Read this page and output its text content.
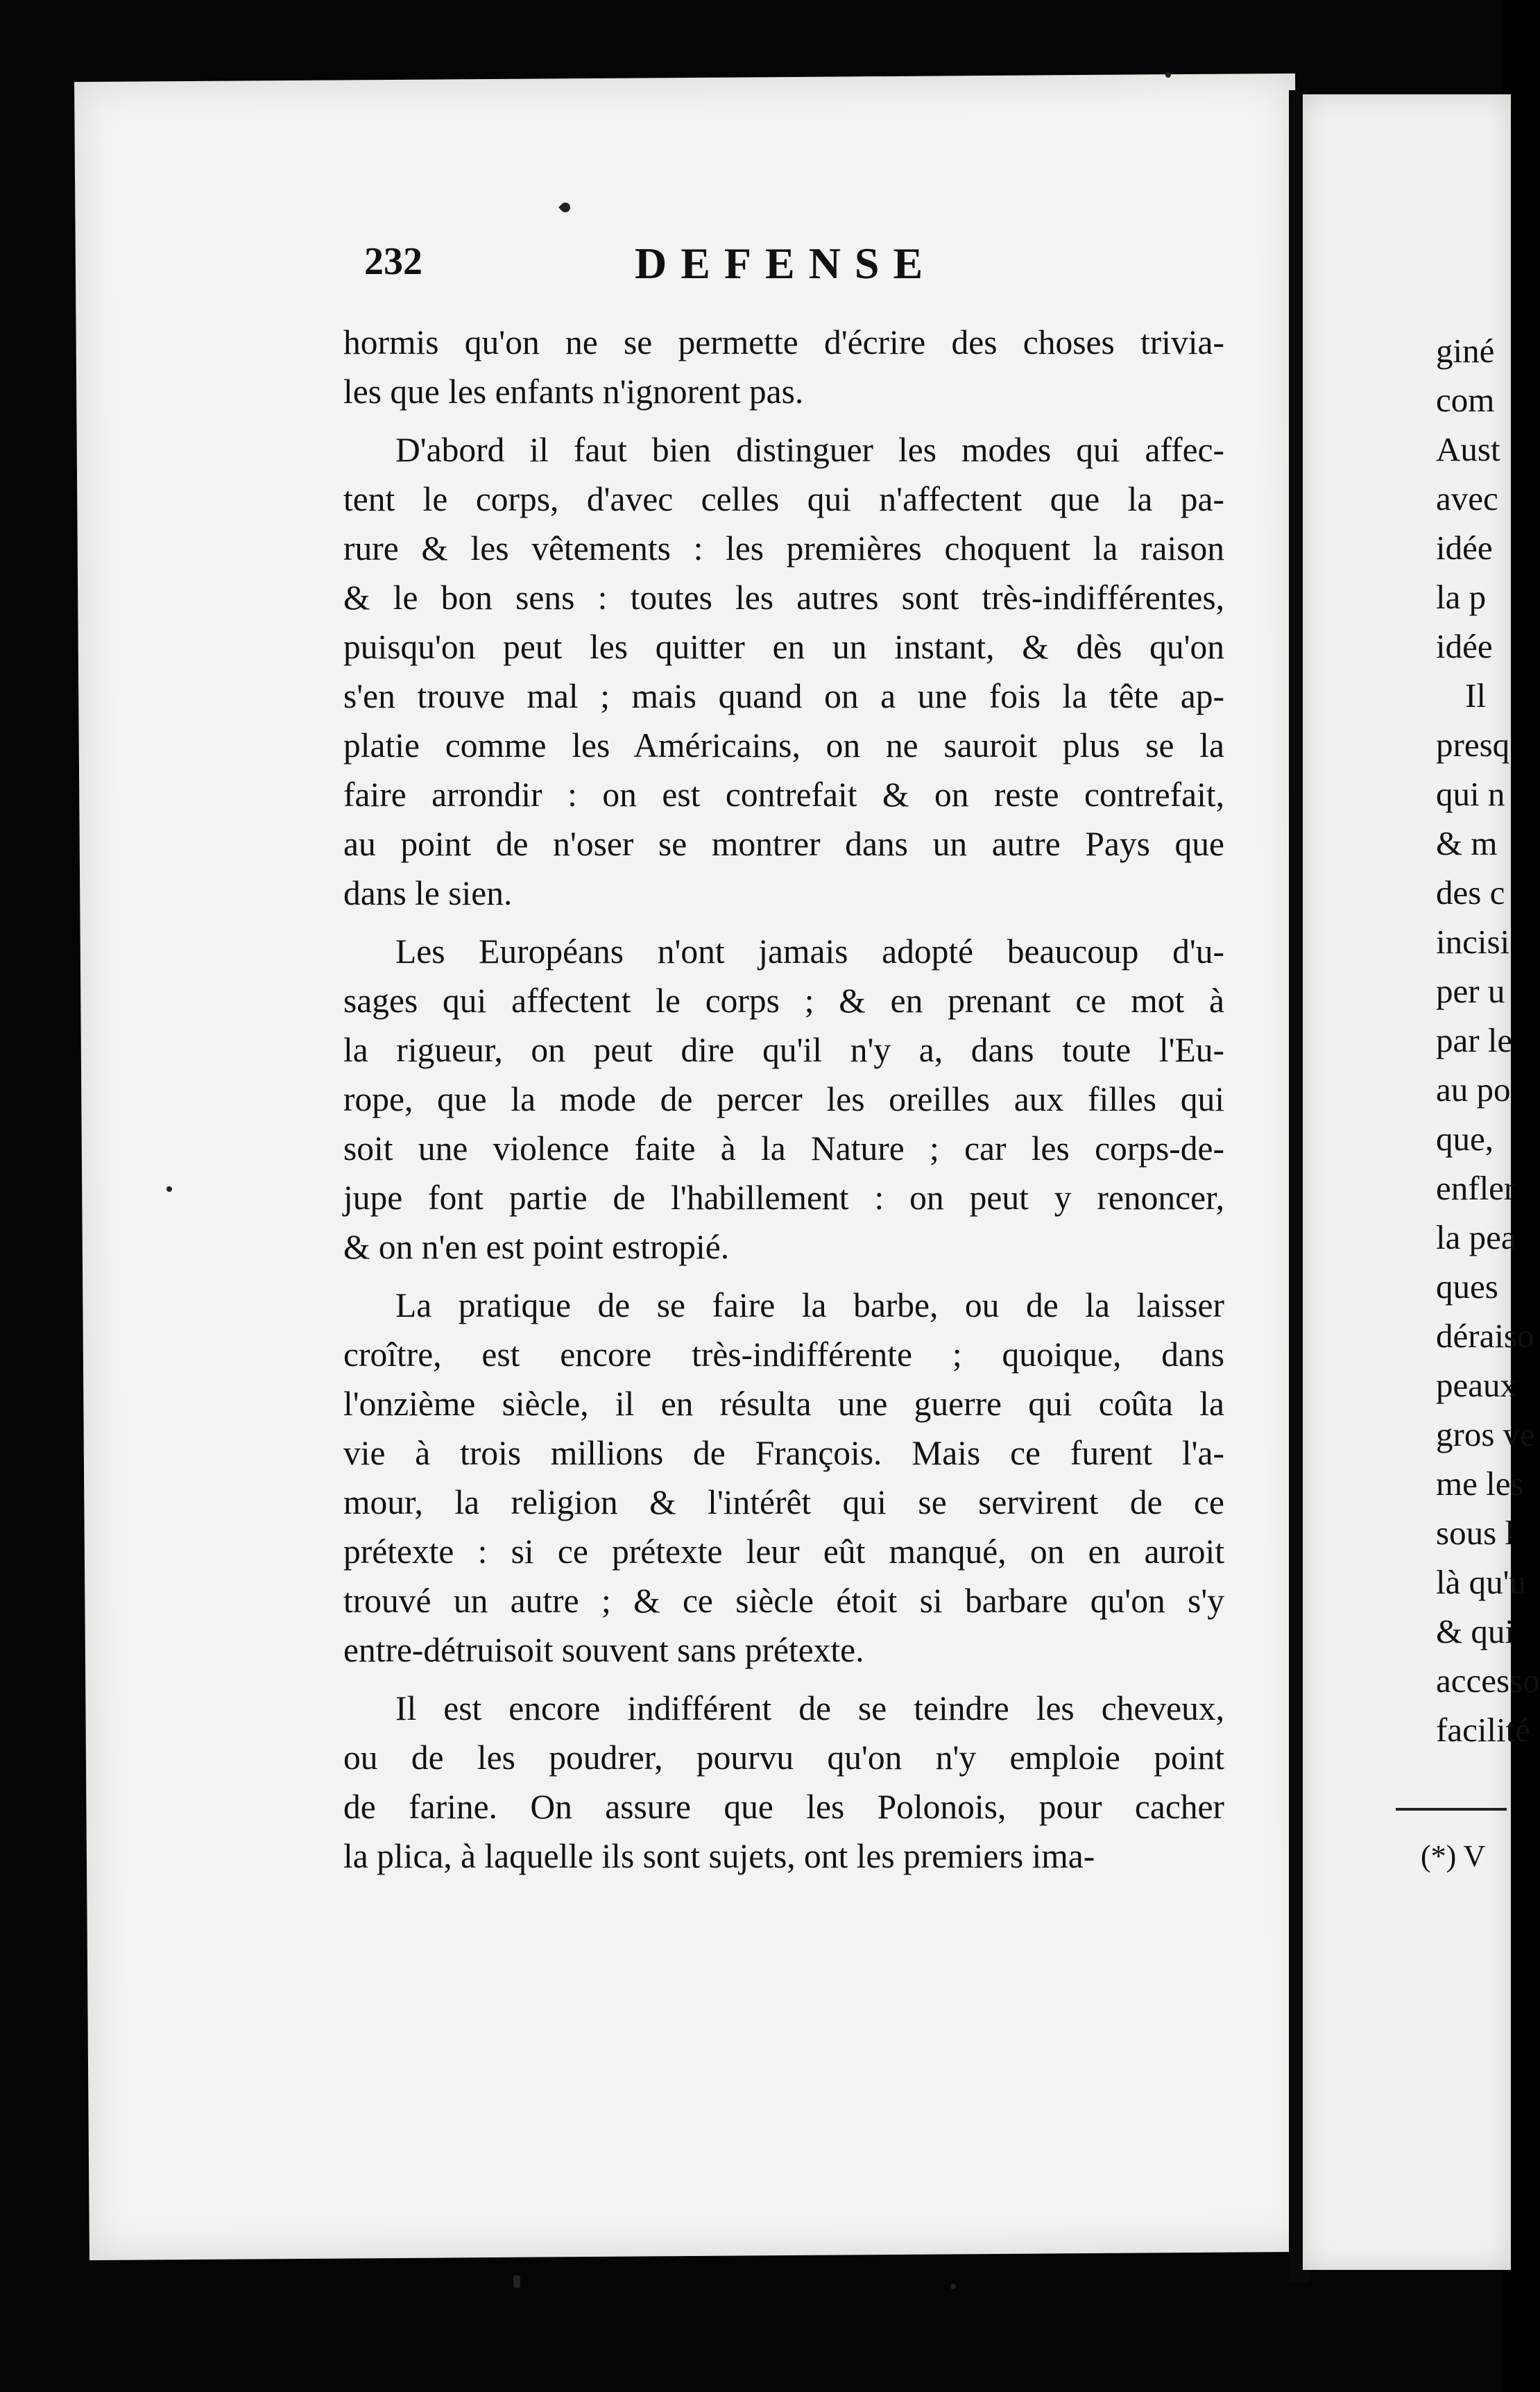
232	DEFENSE

hormis qu'on ne se permette d'écrire des choses trivia-
les que les enfants n'ignorent pas.

D'abord il faut bien distinguer les modes qui affec-
tent le corps, d'avec celles qui n'affectent que la pa-
rure & les vêtements : les premières choquent la raison
& le bon sens : toutes les autres sont très-indifférentes,
puisqu'on peut les quitter en un instant, & dès qu'on
s'en trouve mal ; mais quand on a une fois la tête ap-
platie comme les Américains, on ne sauroit plus se la
faire arrondir : on est contrefait & on reste contrefait,
au point de n'oser se montrer dans un autre Pays que
dans le sien.

Les Européans n'ont jamais adopté beaucoup d'u-
sages qui affectent le corps ; & en prenant ce mot à
la rigueur, on peut dire qu'il n'y a, dans toute l'Eu-
rope, que la mode de percer les oreilles aux filles qui
soit une violence faite à la Nature ; car les corps-de-
jupe font partie de l'habillement : on peut y renoncer,
& on n'en est point estropié.

La pratique de se faire la barbe, ou de la laisser
croître, est encore très-indifférente ; quoique, dans
l'onzième siècle, il en résulta une guerre qui coûta la
vie à trois millions de François. Mais ce furent l'a-
mour, la religion & l'intérêt qui se servirent de ce
prétexte : si ce prétexte leur eût manqué, on en auroit
trouvé un autre ; & ce siècle étoit si barbare qu'on s'y
entre-détruisoit souvent sans prétexte.

Il est encore indifférent de se teindre les cheveux,
ou de les poudrer, pourvu qu'on n'y emploie point
de farine. On assure que les Polonois, pour cacher
la plica, à laquelle ils sont sujets, ont les premiers ima-

giné
com
Aust
avec
idée
la p
idée
Il
presq
qui n
& m
des c
incisi
per u
par le
au po
que,
enfler
la pea
ques
déraiso
peaux
gros ve
me les
sous l
là qu'u
& qui
accesso
facilité
(*) V
